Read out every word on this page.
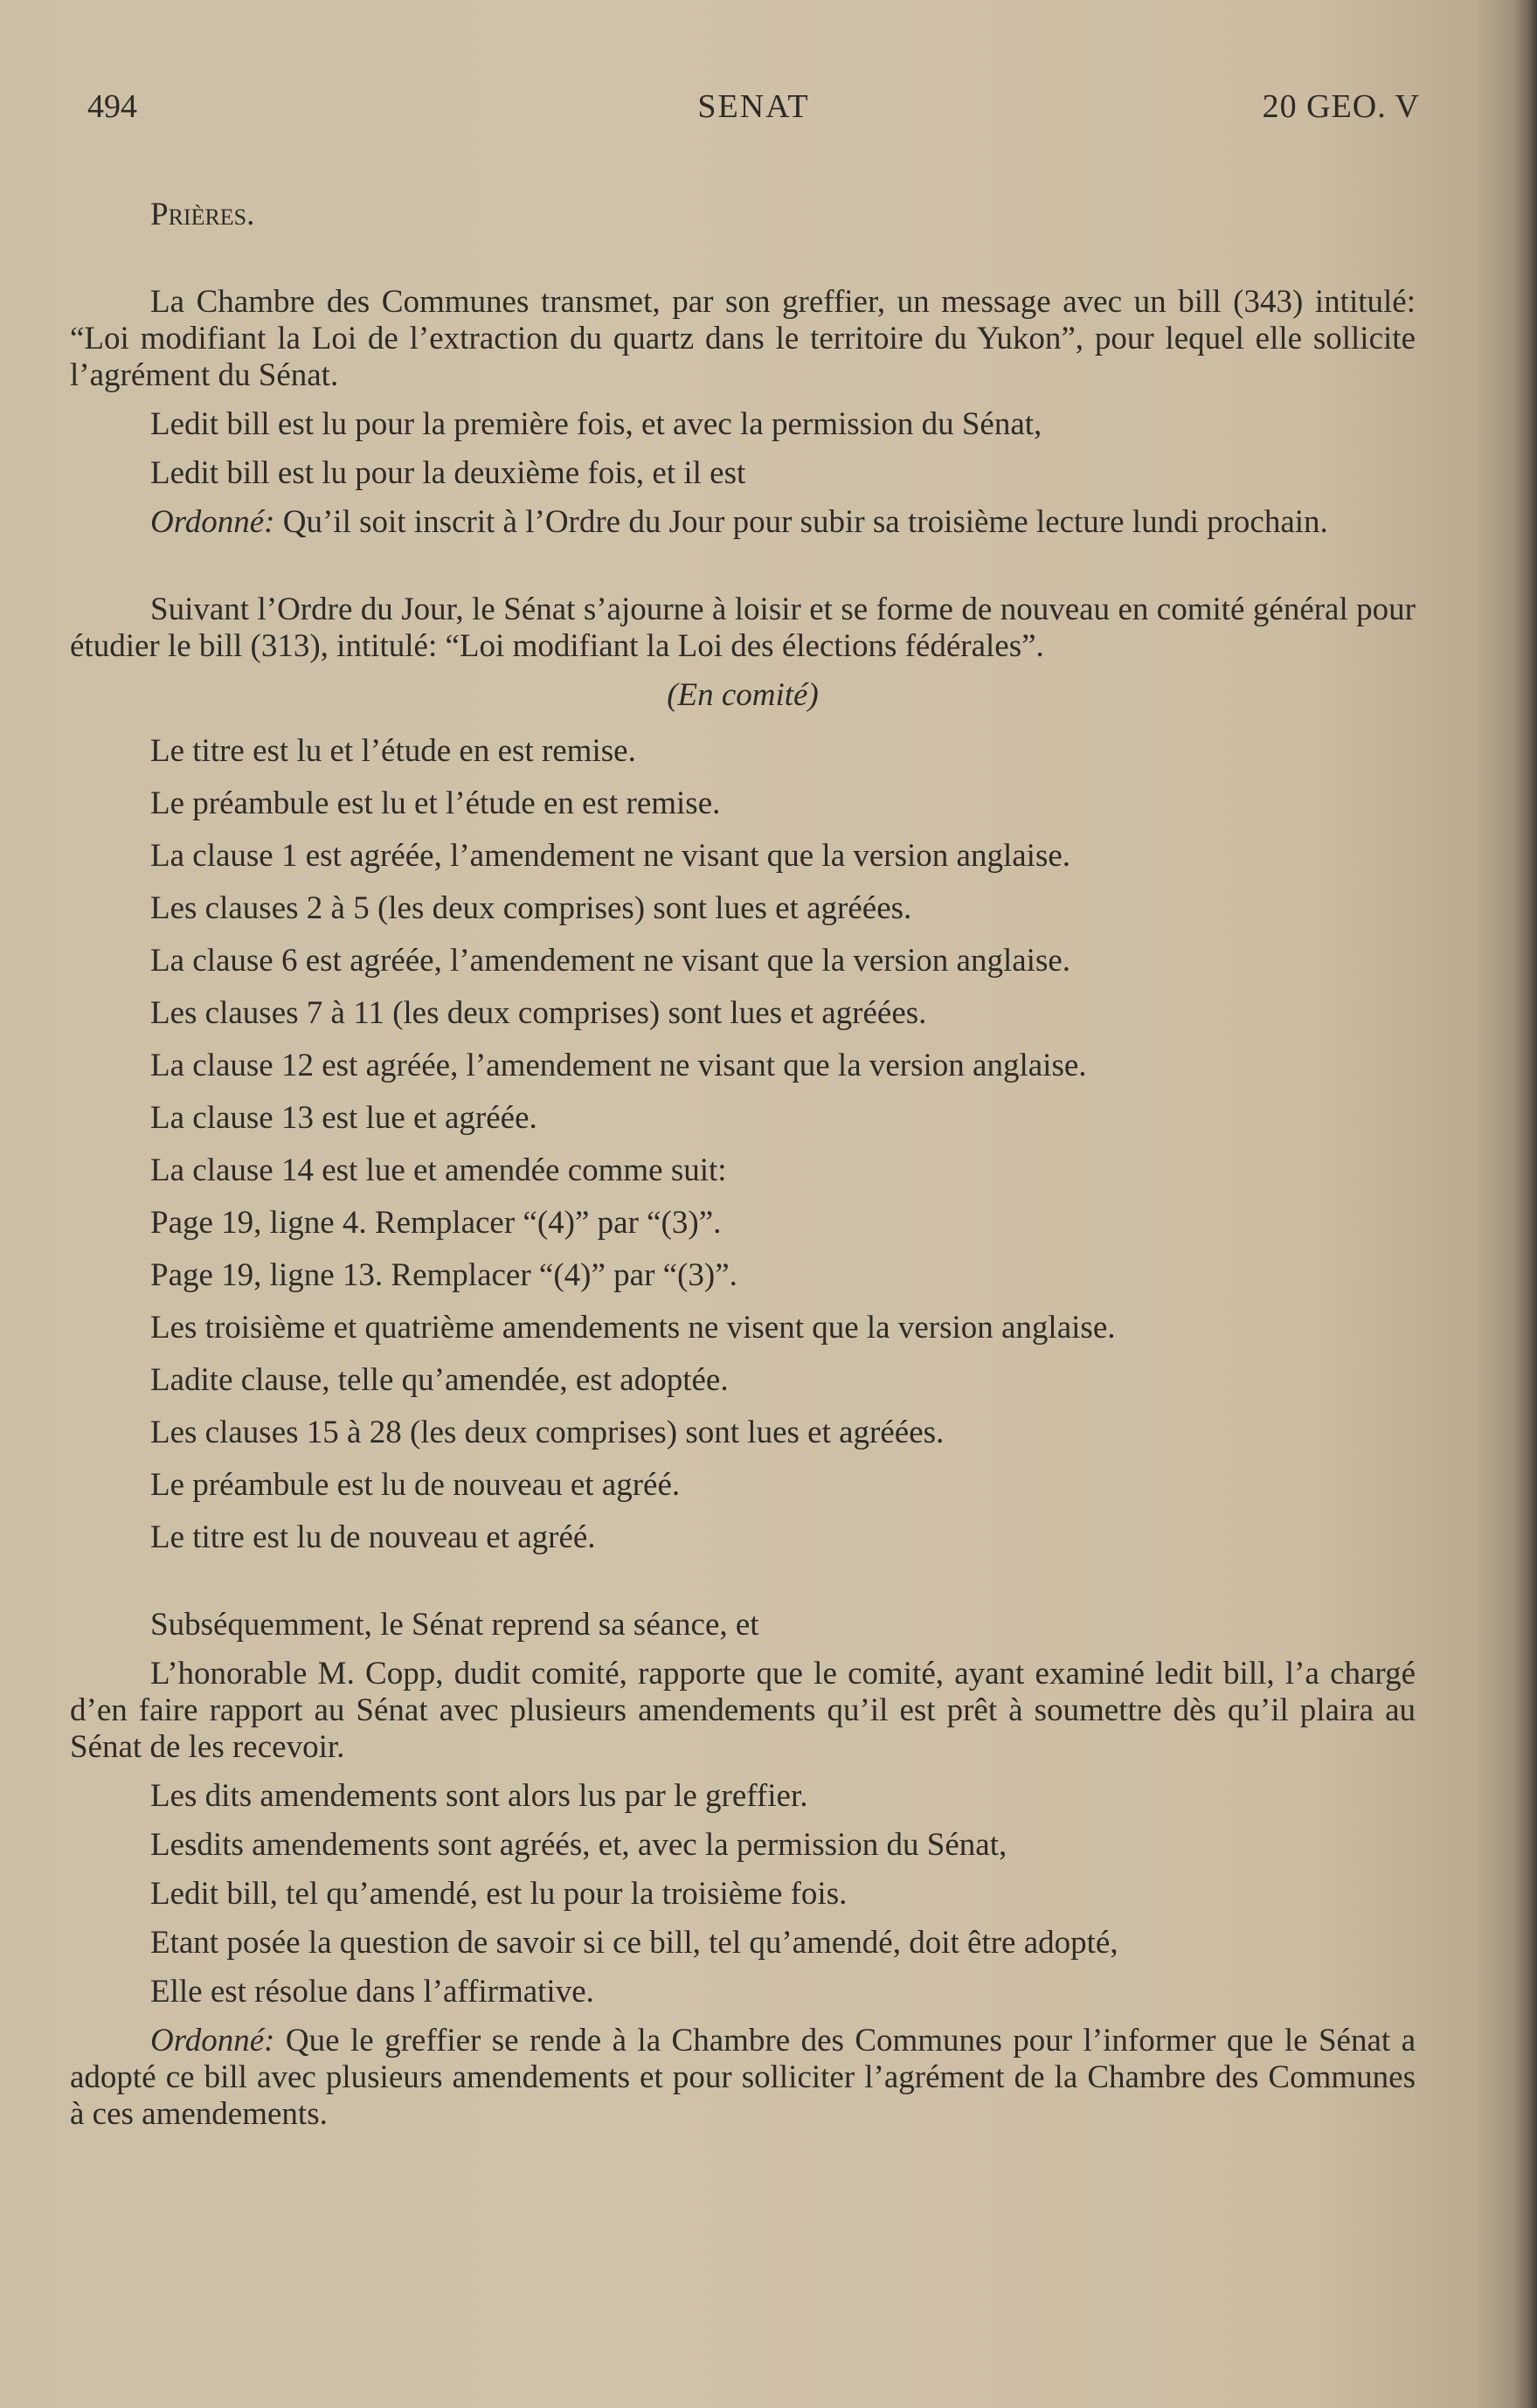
494	SENAT	20 GEO. V

Prières.

La Chambre des Communes transmet, par son greffier, un message avec un bill (343) intitulé: “Loi modifiant la Loi de l’extraction du quartz dans le territoire du Yukon”, pour lequel elle sollicite l’agrément du Sénat.

Ledit bill est lu pour la première fois, et avec la permission du Sénat,

Ledit bill est lu pour la deuxième fois, et il est

Ordonné: Qu’il soit inscrit à l’Ordre du Jour pour subir sa troisième lecture lundi prochain.

Suivant l’Ordre du Jour, le Sénat s’ajourne à loisir et se forme de nouveau en comité général pour étudier le bill (313), intitulé: “Loi modifiant la Loi des élections fédérales”.

(En comité)

Le titre est lu et l’étude en est remise.

Le préambule est lu et l’étude en est remise.

La clause 1 est agréée, l’amendement ne visant que la version anglaise.

Les clauses 2 à 5 (les deux comprises) sont lues et agréées.

La clause 6 est agréée, l’amendement ne visant que la version anglaise.

Les clauses 7 à 11 (les deux comprises) sont lues et agréées.

La clause 12 est agréée, l’amendement ne visant que la version anglaise.

La clause 13 est lue et agréée.

La clause 14 est lue et amendée comme suit:

Page 19, ligne 4. Remplacer “(4)” par “(3)”.

Page 19, ligne 13. Remplacer “(4)” par “(3)”.

Les troisième et quatrième amendements ne visent que la version anglaise.

Ladite clause, telle qu’amendée, est adoptée.

Les clauses 15 à 28 (les deux comprises) sont lues et agréées.

Le préambule est lu de nouveau et agréé.

Le titre est lu de nouveau et agréé.

Subséquemment, le Sénat reprend sa séance, et

L’honorable M. Copp, dudit comité, rapporte que le comité, ayant examiné ledit bill, l’a chargé d’en faire rapport au Sénat avec plusieurs amendements qu’il est prêt à soumettre dès qu’il plaira au Sénat de les recevoir.

Les dits amendements sont alors lus par le greffier.

Lesdits amendements sont agréés, et, avec la permission du Sénat,

Ledit bill, tel qu’amendé, est lu pour la troisième fois.

Etant posée la question de savoir si ce bill, tel qu’amendé, doit être adopté,

Elle est résolue dans l’affirmative.

Ordonné: Que le greffier se rende à la Chambre des Communes pour l’informer que le Sénat a adopté ce bill avec plusieurs amendements et pour solliciter l’agrément de la Chambre des Communes à ces amendements.
